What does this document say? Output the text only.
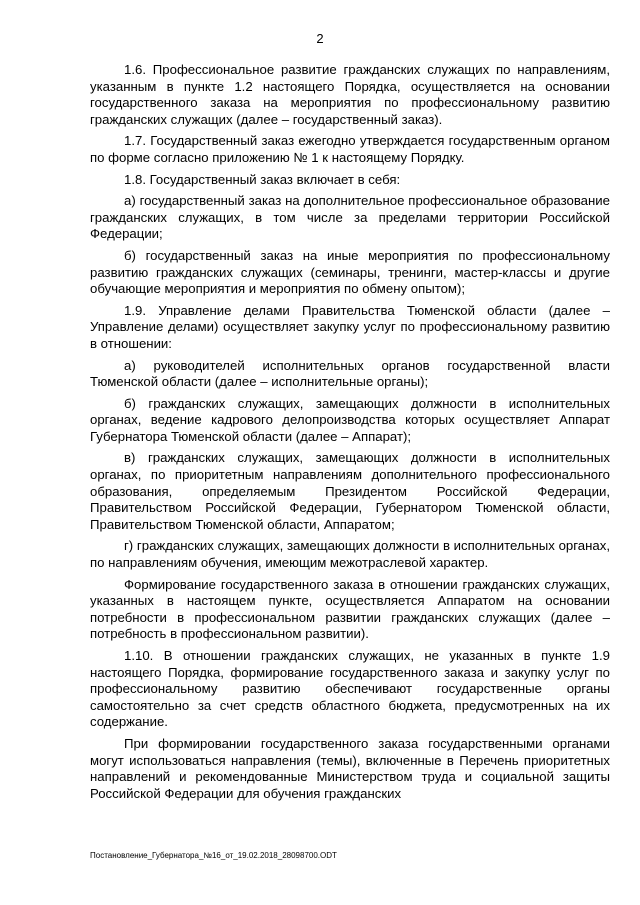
2

1.6. Профессиональное развитие гражданских служащих по направлениям, указанным в пункте 1.2 настоящего Порядка, осуществляется на основании государственного заказа на мероприятия по профессиональному развитию гражданских служащих (далее – государственный заказ).

1.7. Государственный заказ ежегодно утверждается государственным органом по форме согласно приложению № 1 к настоящему Порядку.

1.8. Государственный заказ включает в себя:

а) государственный заказ на дополнительное профессиональное образование гражданских служащих, в том числе за пределами территории Российской Федерации;

б) государственный заказ на иные мероприятия по профессиональному развитию гражданских служащих (семинары, тренинги, мастер-классы и другие обучающие мероприятия и мероприятия по обмену опытом);

1.9. Управление делами Правительства Тюменской области (далее – Управление делами) осуществляет закупку услуг по профессиональному развитию в отношении:

а) руководителей исполнительных органов государственной власти Тюменской области (далее – исполнительные органы);

б) гражданских служащих, замещающих должности в исполнительных органах, ведение кадрового делопроизводства которых осуществляет Аппарат Губернатора Тюменской области (далее – Аппарат);

в) гражданских служащих, замещающих должности в исполнительных органах, по приоритетным направлениям дополнительного профессионального образования, определяемым Президентом Российской Федерации, Правительством Российской Федерации, Губернатором Тюменской области, Правительством Тюменской области, Аппаратом;

г) гражданских служащих, замещающих должности в исполнительных органах, по направлениям обучения, имеющим межотраслевой характер.

Формирование государственного заказа в отношении гражданских служащих, указанных в настоящем пункте, осуществляется Аппаратом на основании потребности в профессиональном развитии гражданских служащих (далее – потребность в профессиональном развитии).

1.10. В отношении гражданских служащих, не указанных в пункте 1.9 настоящего Порядка, формирование государственного заказа и закупку услуг по профессиональному развитию обеспечивают государственные органы самостоятельно за счет средств областного бюджета, предусмотренных на их содержание.

При формировании государственного заказа государственными органами могут использоваться направления (темы), включенные в Перечень приоритетных направлений и рекомендованные Министерством труда и социальной защиты Российской Федерации для обучения гражданских

Постановление_Губернатора_№16_от_19.02.2018_28098700.ODT
